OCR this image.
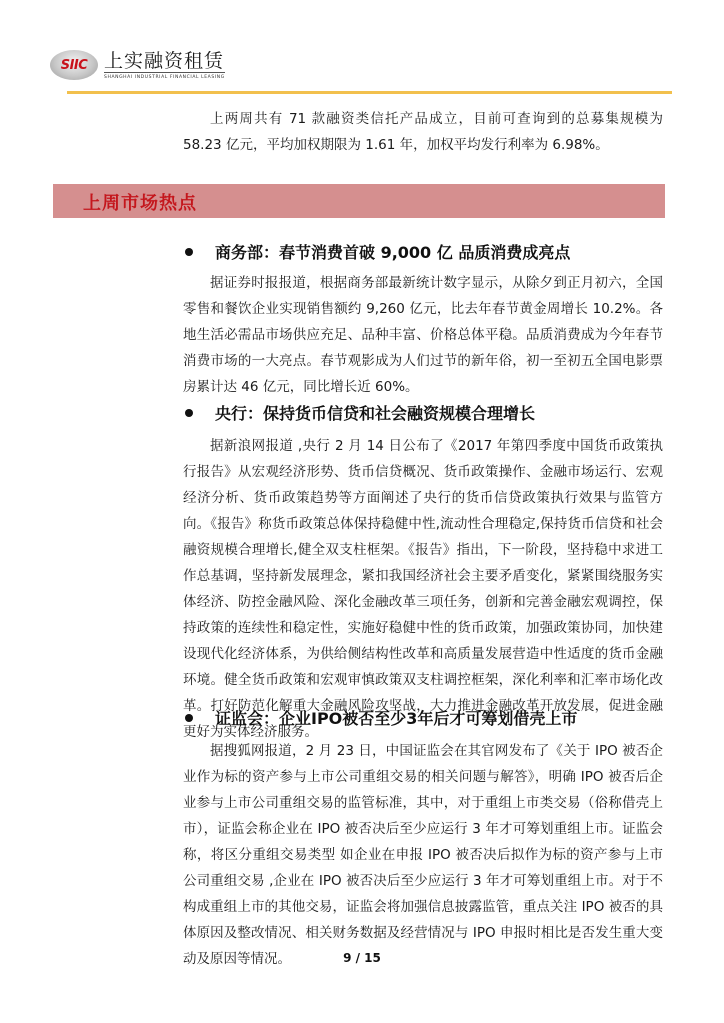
SIIC 上实融资租赁
SHANGHAI INDUSTRIAL FINANCIAL LEASING

上两周共有 71 款融资类信托产品成立，目前可查询到的总募集规模为 58.23 亿元，平均加权期限为 1.61 年，加权平均发行利率为 6.98%。

上周市场热点
商务部：春节消费首破 9,000 亿 品质消费成亮点

据证券时报报道，根据商务部最新统计数字显示，从除夕到正月初六，全国零售和餐饮企业实现销售额约 9,260 亿元，比去年春节黄金周增长 10.2%。各地生活必需品市场供应充足、品种丰富、价格总体平稳。品质消费成为今年春节消费市场的一大亮点。春节观影成为人们过节的新年俗，初一至初五全国电影票房累计达 46 亿元，同比增长近 60%。

央行：保持货币信贷和社会融资规模合理增长

据新浪网报道 ,央行 2 月 14 日公布了《2017 年第四季度中国货币政策执行报告》从宏观经济形势、货币信贷概况、货币政策操作、金融市场运行、宏观经济分析、货币政策趋势等方面阐述了央行的货币信贷政策执行效果与监管方向。《报告》称货币政策总体保持稳健中性,流动性合理稳定,保持货币信贷和社会融资规模合理增长,健全双支柱框架。《报告》指出，下一阶段，坚持稳中求进工作总基调，坚持新发展理念，紧扣我国经济社会主要矛盾变化，紧紧围绕服务实体经济、防控金融风险、深化金融改革三项任务，创新和完善金融宏观调控，保持政策的连续性和稳定性，实施好稳健中性的货币政策，加强政策协同，加快建设现代化经济体系，为供给侧结构性改革和高质量发展营造中性适度的货币金融环境。健全货币政策和宏观审慎政策双支柱调控框架，深化利率和汇率市场化改革。打好防范化解重大金融风险攻坚战，大力推进金融改革开放发展，促进金融更好为实体经济服务。

证监会：企业IPO被否至少3年后才可筹划借壳上市

据搜狐网报道，2 月 23 日，中国证监会在其官网发布了《关于 IPO 被否企业作为标的资产参与上市公司重组交易的相关问题与解答》，明确 IPO 被否后企业参与上市公司重组交易的监管标准，其中，对于重组上市类交易（俗称借壳上市），证监会称企业在 IPO 被否决后至少应运行 3 年才可筹划重组上市。证监会称，将区分重组交易类型 如企业在申报 IPO 被否决后拟作为标的资产参与上市公司重组交易 ,企业在 IPO 被否决后至少应运行 3 年才可筹划重组上市。对于不构成重组上市的其他交易，证监会将加强信息披露监管，重点关注 IPO 被否的具体原因及整改情况、相关财务数据及经营情况与 IPO 申报时相比是否发生重大变动及原因等情况。	9 / 15
